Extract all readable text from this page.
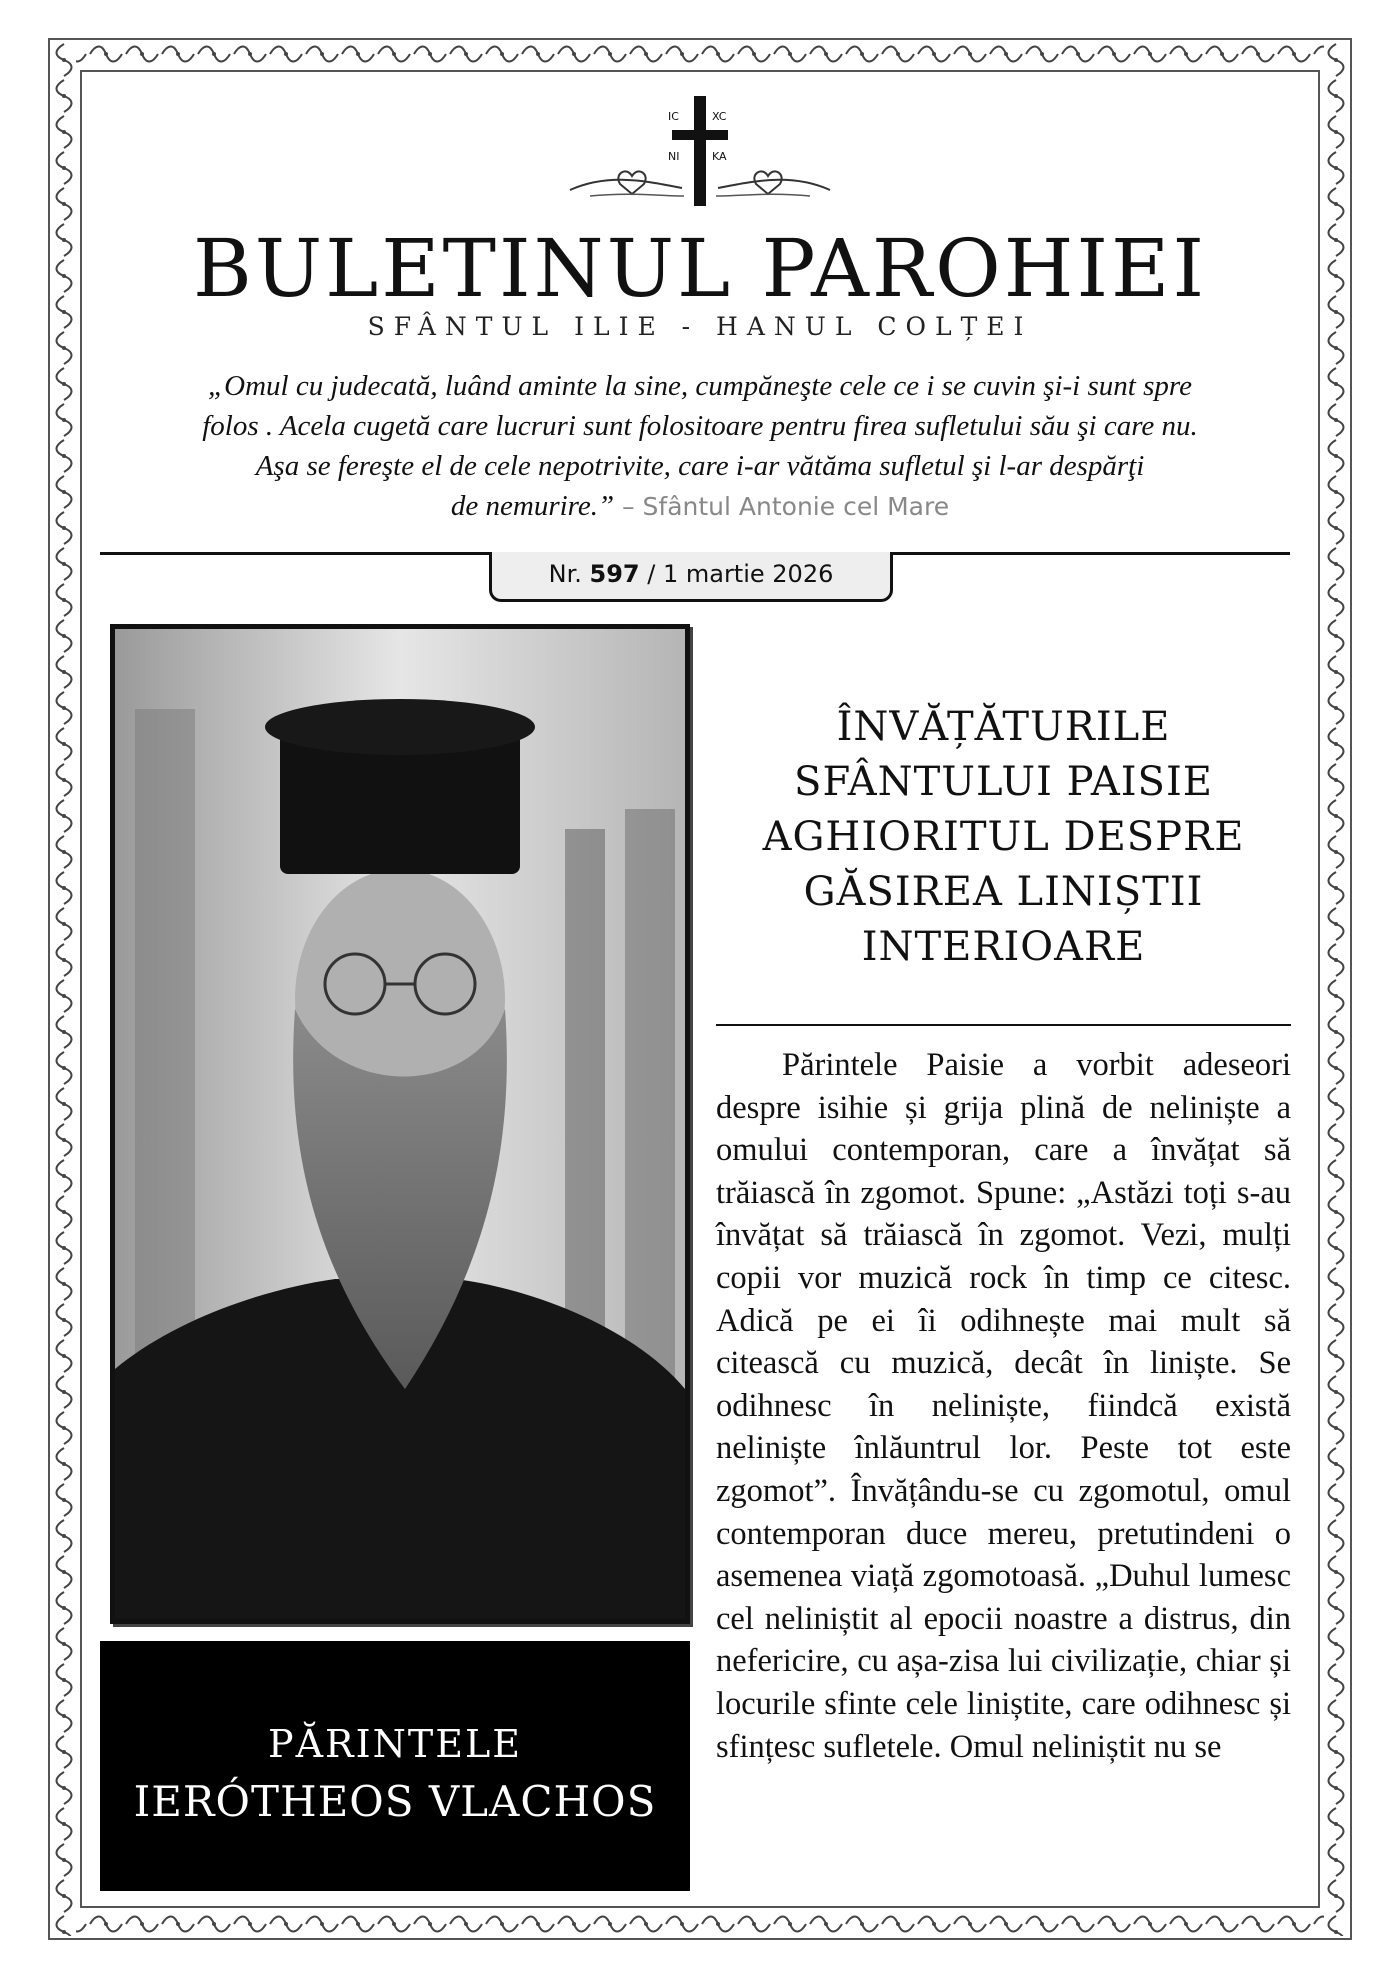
IC	XC
NI	KA
BULETINUL PAROHIEI
SFÂNTUL ILIE - HANUL COLȚEI
„Omul cu judecată, luând aminte la sine, cumpăneşte cele ce i se cuvin şi-i sunt spre
folos . Acela cugetă care lucruri sunt folositoare pentru firea sufletului său şi care nu.
Aşa se fereşte el de cele nepotrivite, care i-ar vătăma sufletul şi l-ar despărţi
de nemurire.” – Sfântul Antonie cel Mare
Nr. 597 / 1 martie 2026
PĂRINTELE
IERÓTHEOS VLACHOS
ÎNVĂȚĂTURILE
SFÂNTULUI PAISIE
AGHIORITUL DESPRE
GĂSIREA LINIȘTII
INTERIOARE

Părintele Paisie a vorbit adeseori despre isihie și grija plină de neliniște a omului contemporan, care a învățat să trăiască în zgomot. Spune: „Astăzi toți s-au învățat să trăiască în zgomot. Vezi, mulți copii vor muzică rock în timp ce citesc. Adică pe ei îi odihnește mai mult să citească cu muzică, decât în liniște. Se odihnesc în neliniște, fiindcă există neliniște înlăuntrul lor. Peste tot este zgomot”. Învățându-se cu zgomotul, omul contemporan duce mereu, pretutindeni o asemenea viață zgomotoasă. „Duhul lumesc cel neliniștit al epocii noastre a distrus, din nefericire, cu așa-zisa lui civilizație, chiar și locurile sfinte cele liniștite, care odihnesc și sfințesc sufletele. Omul neliniștit nu se
